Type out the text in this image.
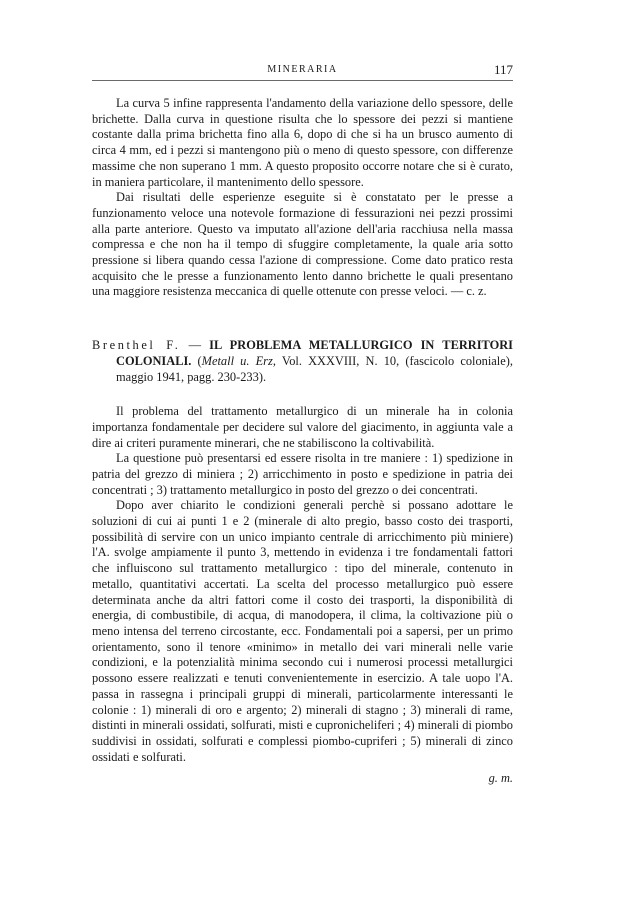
MINERARIA	117

La curva 5 infine rappresenta l'andamento della variazione dello spessore, delle brichette. Dalla curva in questione risulta che lo spessore dei pezzi si mantiene costante dalla prima brichetta fino alla 6, dopo di che si ha un brusco aumento di circa 4 mm, ed i pezzi si mantengono più o meno di questo spessore, con differenze massime che non superano 1 mm. A questo proposito occorre notare che si è curato, in maniera particolare, il mantenimento dello spessore.

Dai risultati delle esperienze eseguite si è constatato per le presse a funzionamento veloce una notevole formazione di fessurazioni nei pezzi prossimi alla parte anteriore. Questo va imputato all'azione dell'aria racchiusa nella massa compressa e che non ha il tempo di sfuggire completamente, la quale aria sotto pressione si libera quando cessa l'azione di compressione. Come dato pratico resta acquisito che le presse a funzionamento lento danno brichette le quali presentano una maggiore resistenza meccanica di quelle ottenute con presse veloci. — c. z.

Brenthel F. — IL PROBLEMA METALLURGICO IN TERRITORI COLONIALI. (Metall u. Erz, Vol. XXXVIII, N. 10, (fascicolo coloniale), maggio 1941, pagg. 230-233).

Il problema del trattamento metallurgico di un minerale ha in colonia importanza fondamentale per decidere sul valore del giacimento, in aggiunta vale a dire ai criteri puramente minerari, che ne stabiliscono la coltivabilità.

La questione può presentarsi ed essere risolta in tre maniere : 1) spedizione in patria del grezzo di miniera ; 2) arricchimento in posto e spedizione in patria dei concentrati ; 3) trattamento metallurgico in posto del grezzo o dei concentrati.

Dopo aver chiarito le condizioni generali perchè si possano adottare le soluzioni di cui ai punti 1 e 2 (minerale di alto pregio, basso costo dei trasporti, possibilità di servire con un unico impianto centrale di arricchimento più miniere) l'A. svolge ampiamente il punto 3, mettendo in evidenza i tre fondamentali fattori che influiscono sul trattamento metallurgico : tipo del minerale, contenuto in metallo, quantitativi accertati. La scelta del processo metallurgico può essere determinata anche da altri fattori come il costo dei trasporti, la disponibilità di energia, di combustibile, di acqua, di manodopera, il clima, la coltivazione più o meno intensa del terreno circostante, ecc. Fondamentali poi a sapersi, per un primo orientamento, sono il tenore «minimo» in metallo dei vari minerali nelle varie condizioni, e la potenzialità minima secondo cui i numerosi processi metallurgici possono essere realizzati e tenuti convenientemente in esercizio. A tale uopo l'A. passa in rassegna i principali gruppi di minerali, particolarmente interessanti le colonie : 1) minerali di oro e argento; 2) minerali di stagno ; 3) minerali di rame, distinti in minerali ossidati, solfurati, misti e cupronicheliferi ; 4) minerali di piombo suddivisi in ossidati, solfurati e complessi piombo-cupriferi ; 5) minerali di zinco ossidati e solfurati.

g. m.
